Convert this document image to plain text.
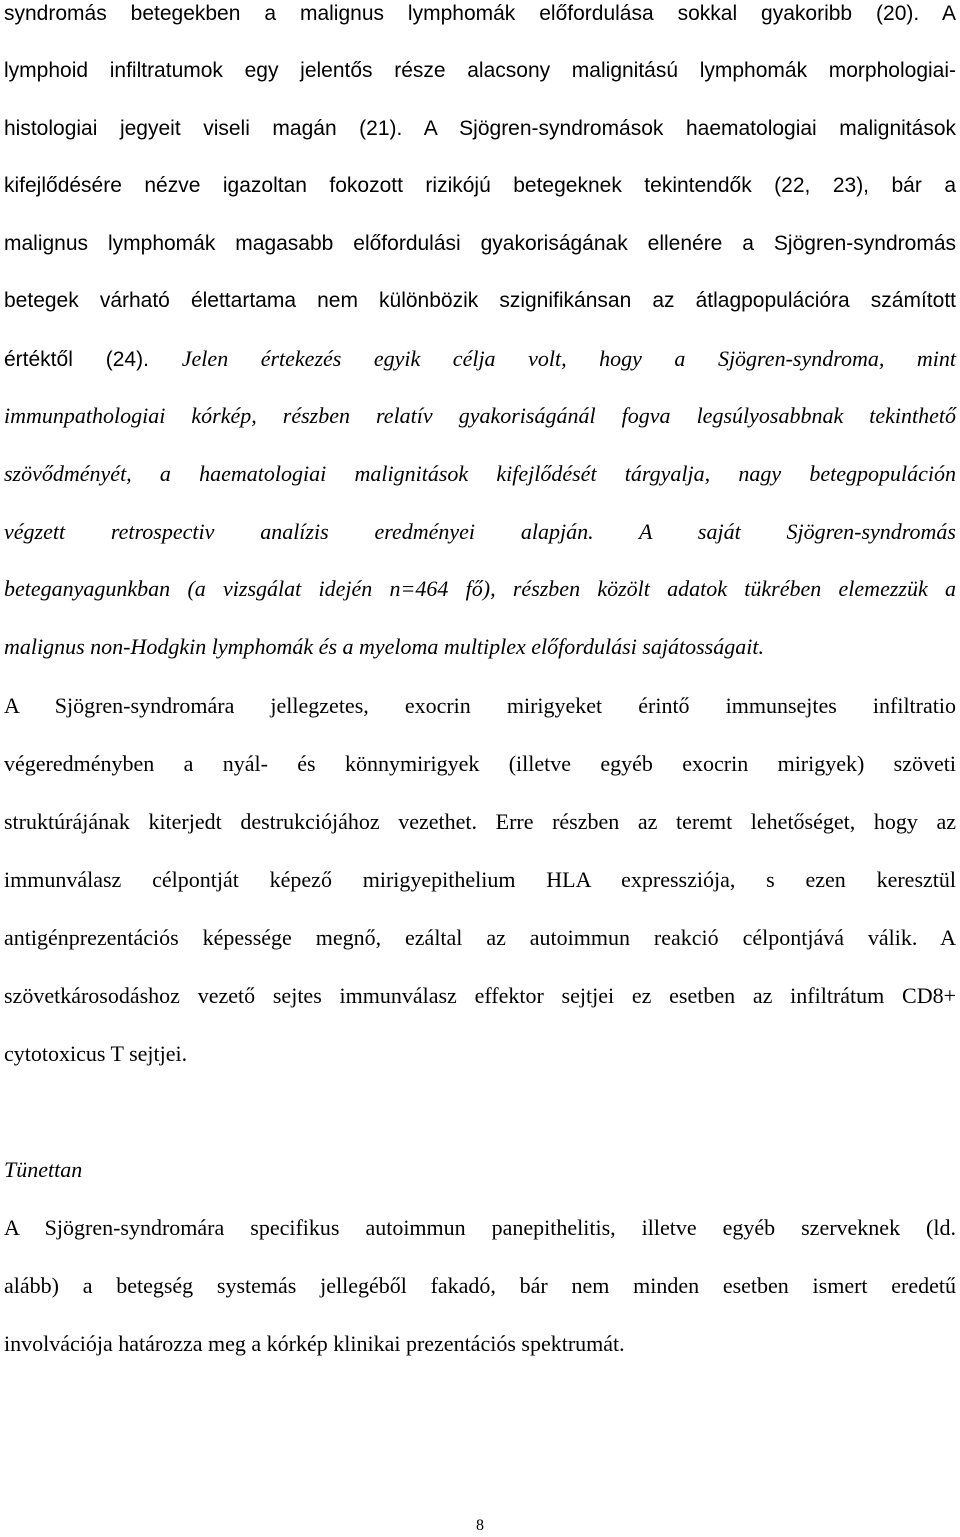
syndromás betegekben a malignus lymphomák előfordulása sokkal gyakoribb (20). A
lymphoid infiltratumok egy jelentős része alacsony malignitású lymphomák morphologiai-
histologiai jegyeit viseli magán (21). A Sjögren-syndromások haematologiai malignitások
kifejlődésére nézve igazoltan fokozott rizikójú betegeknek tekintendők (22, 23), bár a
malignus lymphomák magasabb előfordulási gyakoriságának ellenére a Sjögren-syndromás
betegek várható élettartama nem különbözik szignifikánsan az átlagpopulációra számított
értéktől (24). Jelen értekezés egyik célja volt, hogy a Sjögren-syndroma, mint
immunpathologiai kórkép, részben relatív gyakoriságánál fogva legsúlyosabbnak tekinthető
szövődményét, a haematologiai malignitások kifejlődését tárgyalja, nagy betegpopuláción
végzett retrospectiv analízis eredményei alapján. A saját Sjögren-syndromás
beteganyagunkban (a vizsgálat idején n=464 fő), részben közölt adatok tükrében elemezzük a
malignus non-Hodgkin lymphomák és a myeloma multiplex előfordulási sajátosságait.
A Sjögren-syndromára jellegzetes, exocrin mirigyeket érintő immunsejtes infiltratio
végeredményben a nyál- és könnymirigyek (illetve egyéb exocrin mirigyek) szöveti
struktúrájának kiterjedt destrukciójához vezethet. Erre részben az teremt lehetőséget, hogy az
immunválasz célpontját képező mirigyepithelium HLA expressziója, s ezen keresztül
antigénprezentációs képessége megnő, ezáltal az autoimmun reakció célpontjává válik. A
szövetkárosodáshoz vezető sejtes immunválasz effektor sejtjei ez esetben az infiltrátum CD8+
cytotoxicus T sejtjei.
Tünettan
A Sjögren-syndromára specifikus autoimmun panepithelitis, illetve egyéb szerveknek (ld.
alább) a betegség systemás jellegéből fakadó, bár nem minden esetben ismert eredetű
involvációja határozza meg a kórkép klinikai prezentációs spektrumát.
8
